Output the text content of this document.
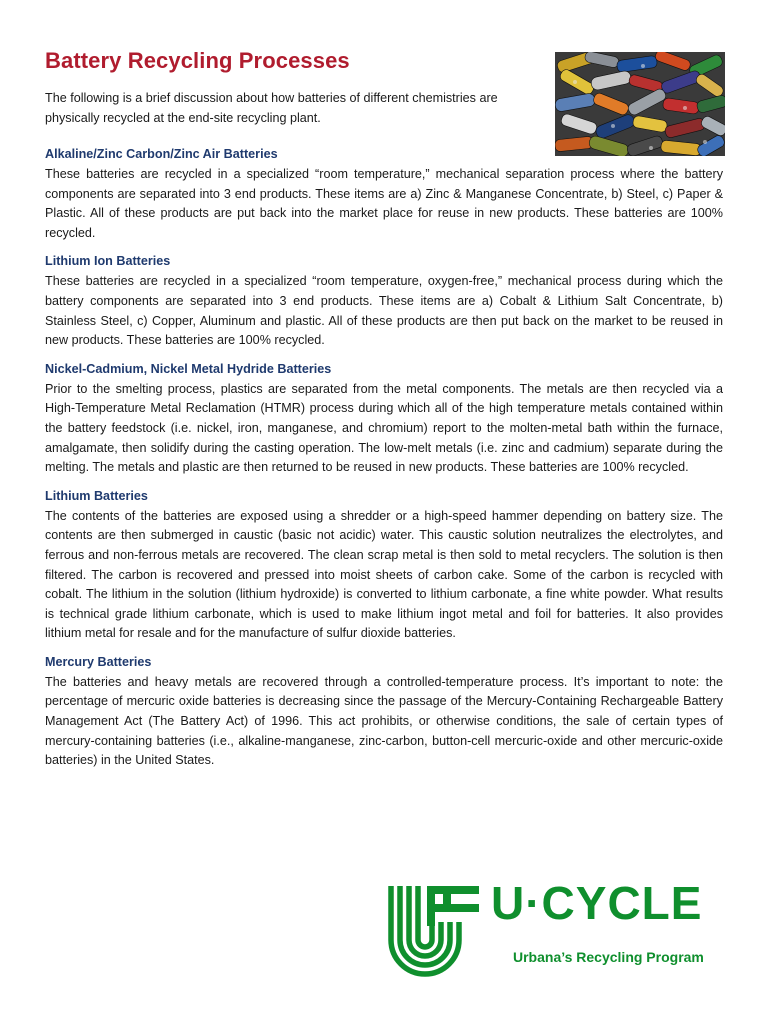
Battery Recycling Processes

The following is a brief discussion about how batteries of different chemistries are physically recycled at the end-site recycling plant.

Alkaline/Zinc Carbon/Zinc Air Batteries

These batteries are recycled in a specialized “room temperature,” mechanical separation process where the battery components are separated into 3 end products. These items are a) Zinc & Manganese Concentrate, b) Steel, c) Paper & Plastic. All of these products are put back into the market place for reuse in new products. These batteries are 100% recycled.

Lithium Ion Batteries

These batteries are recycled in a specialized “room temperature, oxygen-free,” mechanical process during which the battery components are separated into 3 end products. These items are a) Cobalt & Lithium Salt Concentrate, b) Stainless Steel, c) Copper, Aluminum and plastic. All of these products are then put back on the market to be reused in new products. These batteries are 100% recycled.

Nickel-Cadmium, Nickel Metal Hydride Batteries

Prior to the smelting process, plastics are separated from the metal components. The metals are then recycled via a High-Temperature Metal Reclamation (HTMR) process during which all of the high temperature metals contained within the battery feedstock (i.e. nickel, iron, manganese, and chromium) report to the molten-metal bath within the furnace, amalgamate, then solidify during the casting operation. The low-melt metals (i.e. zinc and cadmium) separate during the melting. The metals and plastic are then returned to be reused in new products. These batteries are 100% recycled.

Lithium Batteries

The contents of the batteries are exposed using a shredder or a high-speed hammer depending on battery size. The contents are then submerged in caustic (basic not acidic) water. This caustic solution neutralizes the electrolytes, and ferrous and non-ferrous metals are recovered. The clean scrap metal is then sold to metal recyclers. The solution is then filtered. The carbon is recovered and pressed into moist sheets of carbon cake. Some of the carbon is recycled with cobalt. The lithium in the solution (lithium hydroxide) is converted to lithium carbonate, a fine white powder. What results is technical grade lithium carbonate, which is used to make lithium ingot metal and foil for batteries. It also provides lithium metal for resale and for the manufacture of sulfur dioxide batteries.

Mercury Batteries

The batteries and heavy metals are recovered through a controlled-temperature process. It’s important to note: the percentage of mercuric oxide batteries is decreasing since the passage of the Mercury-Containing Rechargeable Battery Management Act (The Battery Act) of 1996. This act prohibits, or otherwise conditions, the sale of certain types of mercury-containing batteries (i.e., alkaline-manganese, zinc-carbon, button-cell mercuric-oxide and other mercuric-oxide batteries) in the United States.

U·CYCLE
Urbana’s Recycling Program
